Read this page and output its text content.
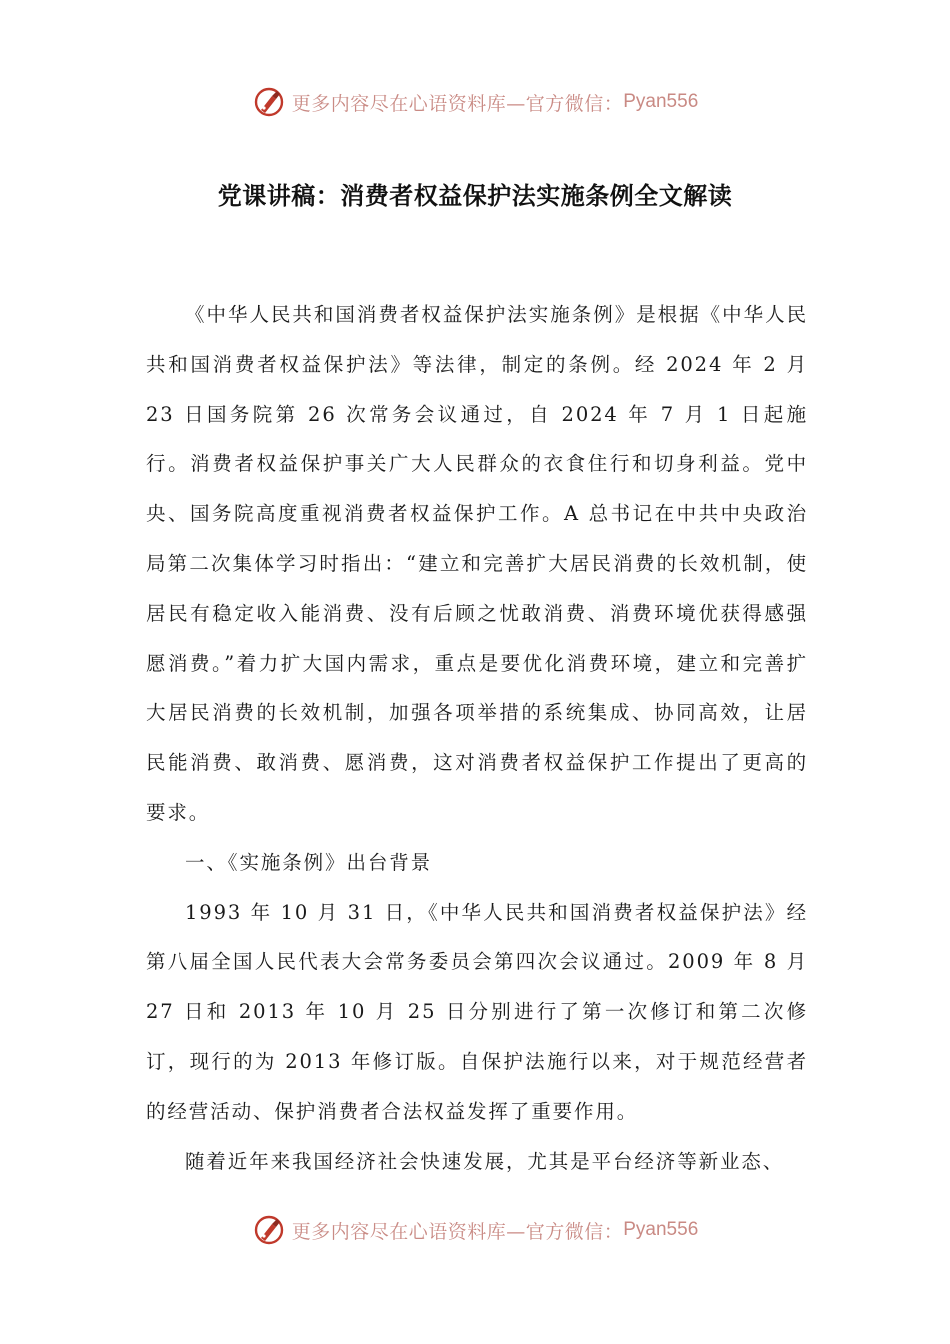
更多内容尽在心语资料库—官方微信： Pyan556
党课讲稿：消费者权益保护法实施条例全文解读

《中华人民共和国消费者权益保护法实施条例》是根据《中华人民共和国消费者权益保护法》等法律，制定的条例。经 2024 年 2 月 23 日国务院第 26 次常务会议通过，自 2024 年 7 月 1 日起施行。消费者权益保护事关广大人民群众的衣食住行和切身利益。党中央、国务院高度重视消费者权益保护工作。A 总书记在中共中央政治局第二次集体学习时指出：“建立和完善扩大居民消费的长效机制，使居民有稳定收入能消费、没有后顾之忧敢消费、消费环境优获得感强愿消费。”着力扩大国内需求，重点是要优化消费环境，建立和完善扩大居民消费的长效机制，加强各项举措的系统集成、协同高效，让居民能消费、敢消费、愿消费，这对消费者权益保护工作提出了更高的要求。

一、《实施条例》出台背景

1993 年 10 月 31 日，《中华人民共和国消费者权益保护法》经第八届全国人民代表大会常务委员会第四次会议通过。2009 年 8 月 27 日和 2013 年 10 月 25 日分别进行了第一次修订和第二次修订，现行的为 2013 年修订版。自保护法施行以来，对于规范经营者的经营活动、保护消费者合法权益发挥了重要作用。

随着近年来我国经济社会快速发展，尤其是平台经济等新业态、

更多内容尽在心语资料库—官方微信： Pyan556
